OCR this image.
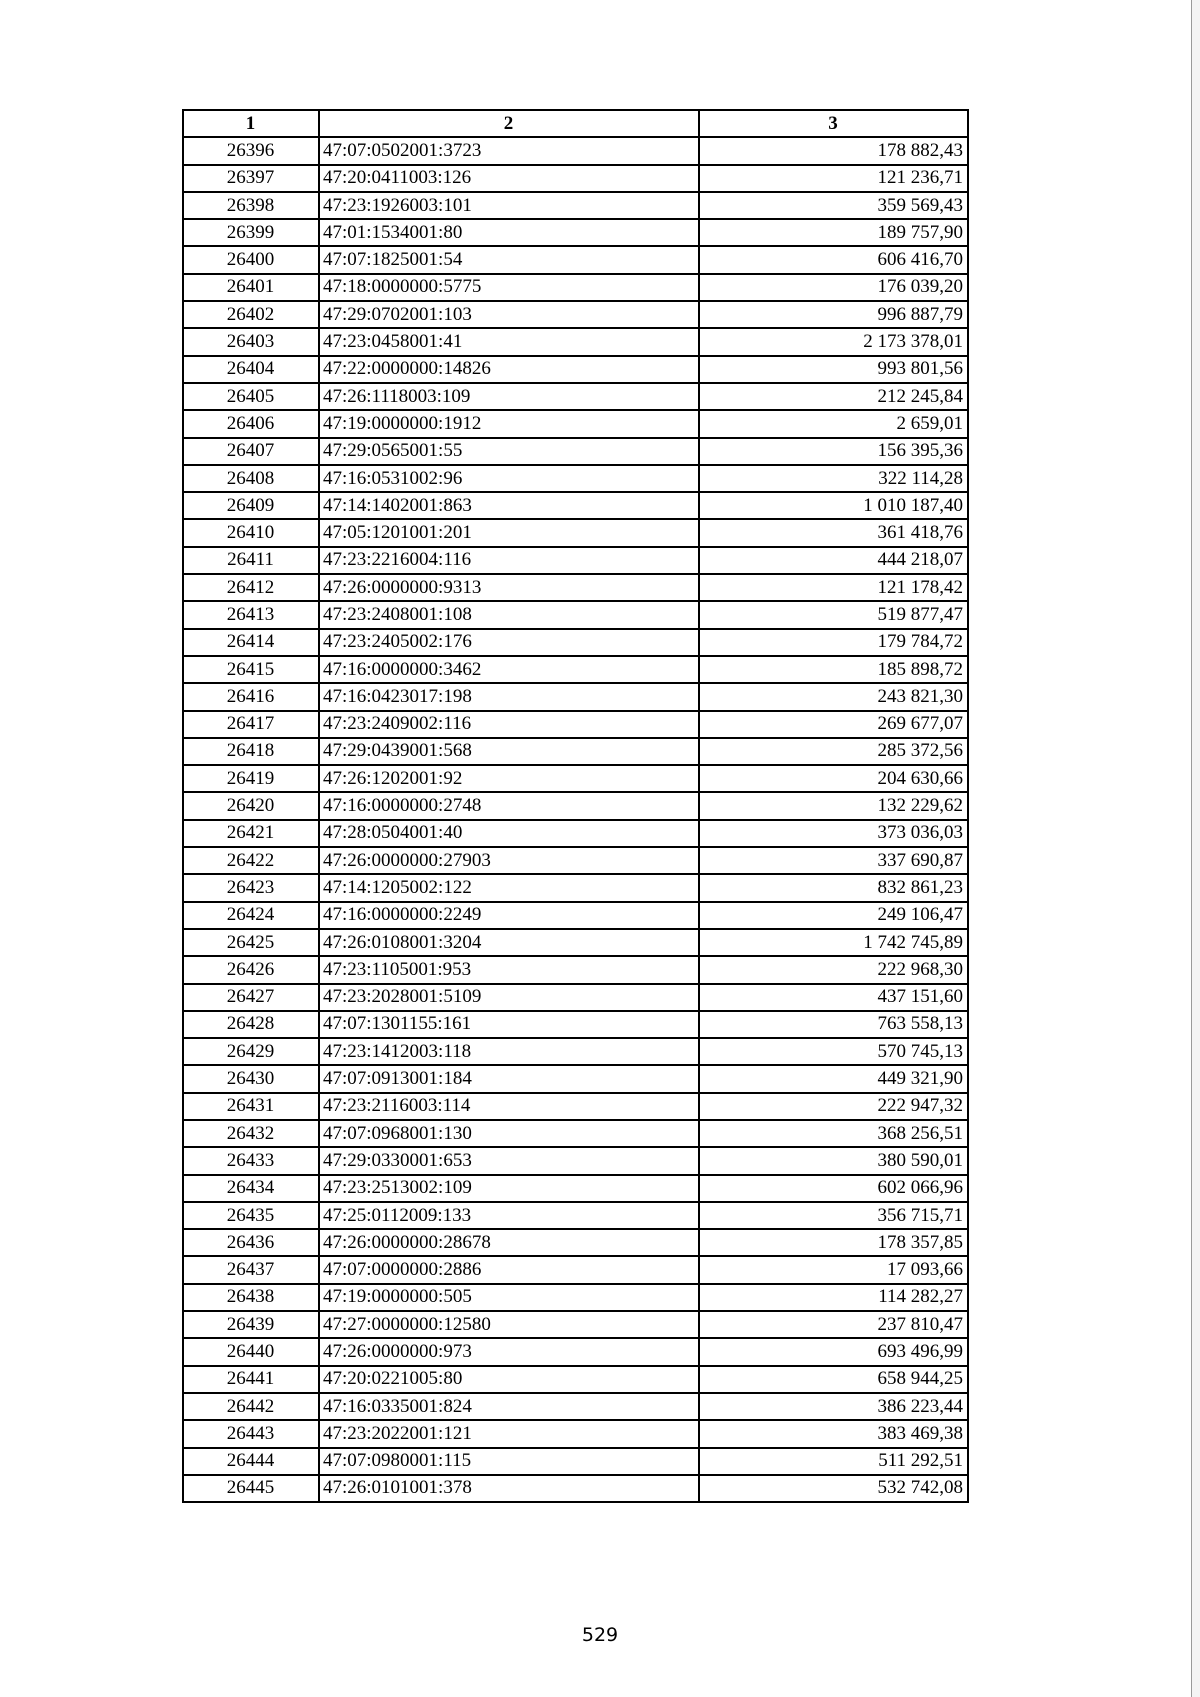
1	2	3
26396	47:07:0502001:3723	178 882,43
26397	47:20:0411003:126	121 236,71
26398	47:23:1926003:101	359 569,43
26399	47:01:1534001:80	189 757,90
26400	47:07:1825001:54	606 416,70
26401	47:18:0000000:5775	176 039,20
26402	47:29:0702001:103	996 887,79
26403	47:23:0458001:41	2 173 378,01
26404	47:22:0000000:14826	993 801,56
26405	47:26:1118003:109	212 245,84
26406	47:19:0000000:1912	2 659,01
26407	47:29:0565001:55	156 395,36
26408	47:16:0531002:96	322 114,28
26409	47:14:1402001:863	1 010 187,40
26410	47:05:1201001:201	361 418,76
26411	47:23:2216004:116	444 218,07
26412	47:26:0000000:9313	121 178,42
26413	47:23:2408001:108	519 877,47
26414	47:23:2405002:176	179 784,72
26415	47:16:0000000:3462	185 898,72
26416	47:16:0423017:198	243 821,30
26417	47:23:2409002:116	269 677,07
26418	47:29:0439001:568	285 372,56
26419	47:26:1202001:92	204 630,66
26420	47:16:0000000:2748	132 229,62
26421	47:28:0504001:40	373 036,03
26422	47:26:0000000:27903	337 690,87
26423	47:14:1205002:122	832 861,23
26424	47:16:0000000:2249	249 106,47
26425	47:26:0108001:3204	1 742 745,89
26426	47:23:1105001:953	222 968,30
26427	47:23:2028001:5109	437 151,60
26428	47:07:1301155:161	763 558,13
26429	47:23:1412003:118	570 745,13
26430	47:07:0913001:184	449 321,90
26431	47:23:2116003:114	222 947,32
26432	47:07:0968001:130	368 256,51
26433	47:29:0330001:653	380 590,01
26434	47:23:2513002:109	602 066,96
26435	47:25:0112009:133	356 715,71
26436	47:26:0000000:28678	178 357,85
26437	47:07:0000000:2886	17 093,66
26438	47:19:0000000:505	114 282,27
26439	47:27:0000000:12580	237 810,47
26440	47:26:0000000:973	693 496,99
26441	47:20:0221005:80	658 944,25
26442	47:16:0335001:824	386 223,44
26443	47:23:2022001:121	383 469,38
26444	47:07:0980001:115	511 292,51
26445	47:26:0101001:378	532 742,08
529
